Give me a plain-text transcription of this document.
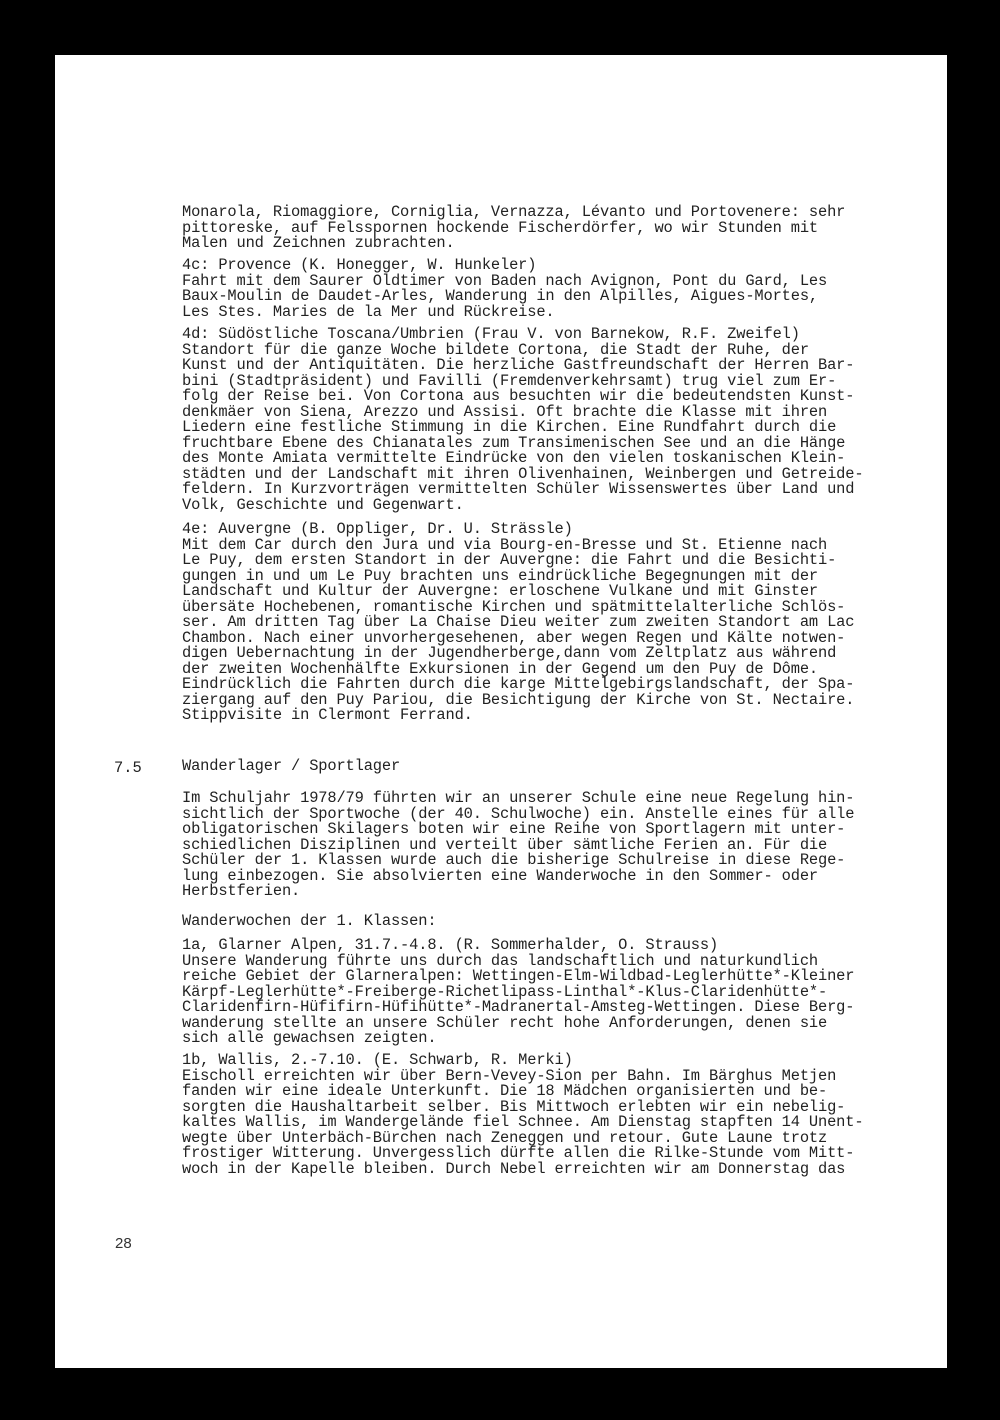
Monarola, Riomaggiore, Corniglia, Vernazza, Lévanto und Portovenere: sehr
pittoreske, auf Felsspornen hockende Fischerdörfer, wo wir Stunden mit
Malen und Zeichnen zubrachten.
4c: Provence (K. Honegger, W. Hunkeler)
Fahrt mit dem Saurer Oldtimer von Baden nach Avignon, Pont du Gard, Les
Baux-Moulin de Daudet-Arles, Wanderung in den Alpilles, Aigues-Mortes,
Les Stes. Maries de la Mer und Rückreise.
4d: Südöstliche Toscana/Umbrien (Frau V. von Barnekow, R.F. Zweifel)
Standort für die ganze Woche bildete Cortona, die Stadt der Ruhe, der
Kunst und der Antiquitäten. Die herzliche Gastfreundschaft der Herren Bar-
bini (Stadtpräsident) und Favilli (Fremdenverkehrsamt) trug viel zum Er-
folg der Reise bei. Von Cortona aus besuchten wir die bedeutendsten Kunst-
denkmäer von Siena, Arezzo und Assisi. Oft brachte die Klasse mit ihren
Liedern eine festliche Stimmung in die Kirchen. Eine Rundfahrt durch die
fruchtbare Ebene des Chianatales zum Transimenischen See und an die Hänge
des Monte Amiata vermittelte Eindrücke von den vielen toskanischen Klein-
städten und der Landschaft mit ihren Olivenhainen, Weinbergen und Getreide-
feldern. In Kurzvorträgen vermittelten Schüler Wissenswertes über Land und
Volk, Geschichte und Gegenwart.
4e: Auvergne (B. Oppliger, Dr. U. Strässle)
Mit dem Car durch den Jura und via Bourg-en-Bresse und St. Etienne nach
Le Puy, dem ersten Standort in der Auvergne: die Fahrt und die Besichti-
gungen in und um Le Puy brachten uns eindrückliche Begegnungen mit der
Landschaft und Kultur der Auvergne: erloschene Vulkane und mit Ginster
übersäte Hochebenen, romantische Kirchen und spätmittelalterliche Schlös-
ser. Am dritten Tag über La Chaise Dieu weiter zum zweiten Standort am Lac
Chambon. Nach einer unvorhergesehenen, aber wegen Regen und Kälte notwen-
digen Uebernachtung in der Jugendherberge,dann vom Zeltplatz aus während
der zweiten Wochenhälfte Exkursionen in der Gegend um den Puy de Dôme.
Eindrücklich die Fahrten durch die karge Mittelgebirgslandschaft, der Spa-
ziergang auf den Puy Pariou, die Besichtigung der Kirche von St. Nectaire.
Stippvisite in Clermont Ferrand.
7.5	Wanderlager / Sportlager
Im Schuljahr 1978/79 führten wir an unserer Schule eine neue Regelung hin-
sichtlich der Sportwoche (der 40. Schulwoche) ein. Anstelle eines für alle
obligatorischen Skilagers boten wir eine Reihe von Sportlagern mit unter-
schiedlichen Disziplinen und verteilt über sämtliche Ferien an. Für die
Schüler der 1. Klassen wurde auch die bisherige Schulreise in diese Rege-
lung einbezogen. Sie absolvierten eine Wanderwoche in den Sommer- oder
Herbstferien.
Wanderwochen der 1. Klassen:
1a, Glarner Alpen, 31.7.-4.8. (R. Sommerhalder, O. Strauss)
Unsere Wanderung führte uns durch das landschaftlich und naturkundlich
reiche Gebiet der Glarneralpen: Wettingen-Elm-Wildbad-Leglerhütte*-Kleiner
Kärpf-Leglerhütte*-Freiberge-Richetlipass-Linthal*-Klus-Claridenhütte*-
Claridenfirn-Hüfifirn-Hüfihütte*-Madranertal-Amsteg-Wettingen. Diese Berg-
wanderung stellte an unsere Schüler recht hohe Anforderungen, denen sie
sich alle gewachsen zeigten.
1b, Wallis, 2.-7.10. (E. Schwarb, R. Merki)
Eischoll erreichten wir über Bern-Vevey-Sion per Bahn. Im Bärghus Metjen
fanden wir eine ideale Unterkunft. Die 18 Mädchen organisierten und be-
sorgten die Haushaltarbeit selber. Bis Mittwoch erlebten wir ein nebelig-
kaltes Wallis, im Wandergelände fiel Schnee. Am Dienstag stapften 14 Unent-
wegte über Unterbäch-Bürchen nach Zeneggen und retour. Gute Laune trotz
frostiger Witterung. Unvergesslich dürfte allen die Rilke-Stunde vom Mitt-
woch in der Kapelle bleiben. Durch Nebel erreichten wir am Donnerstag das
28
